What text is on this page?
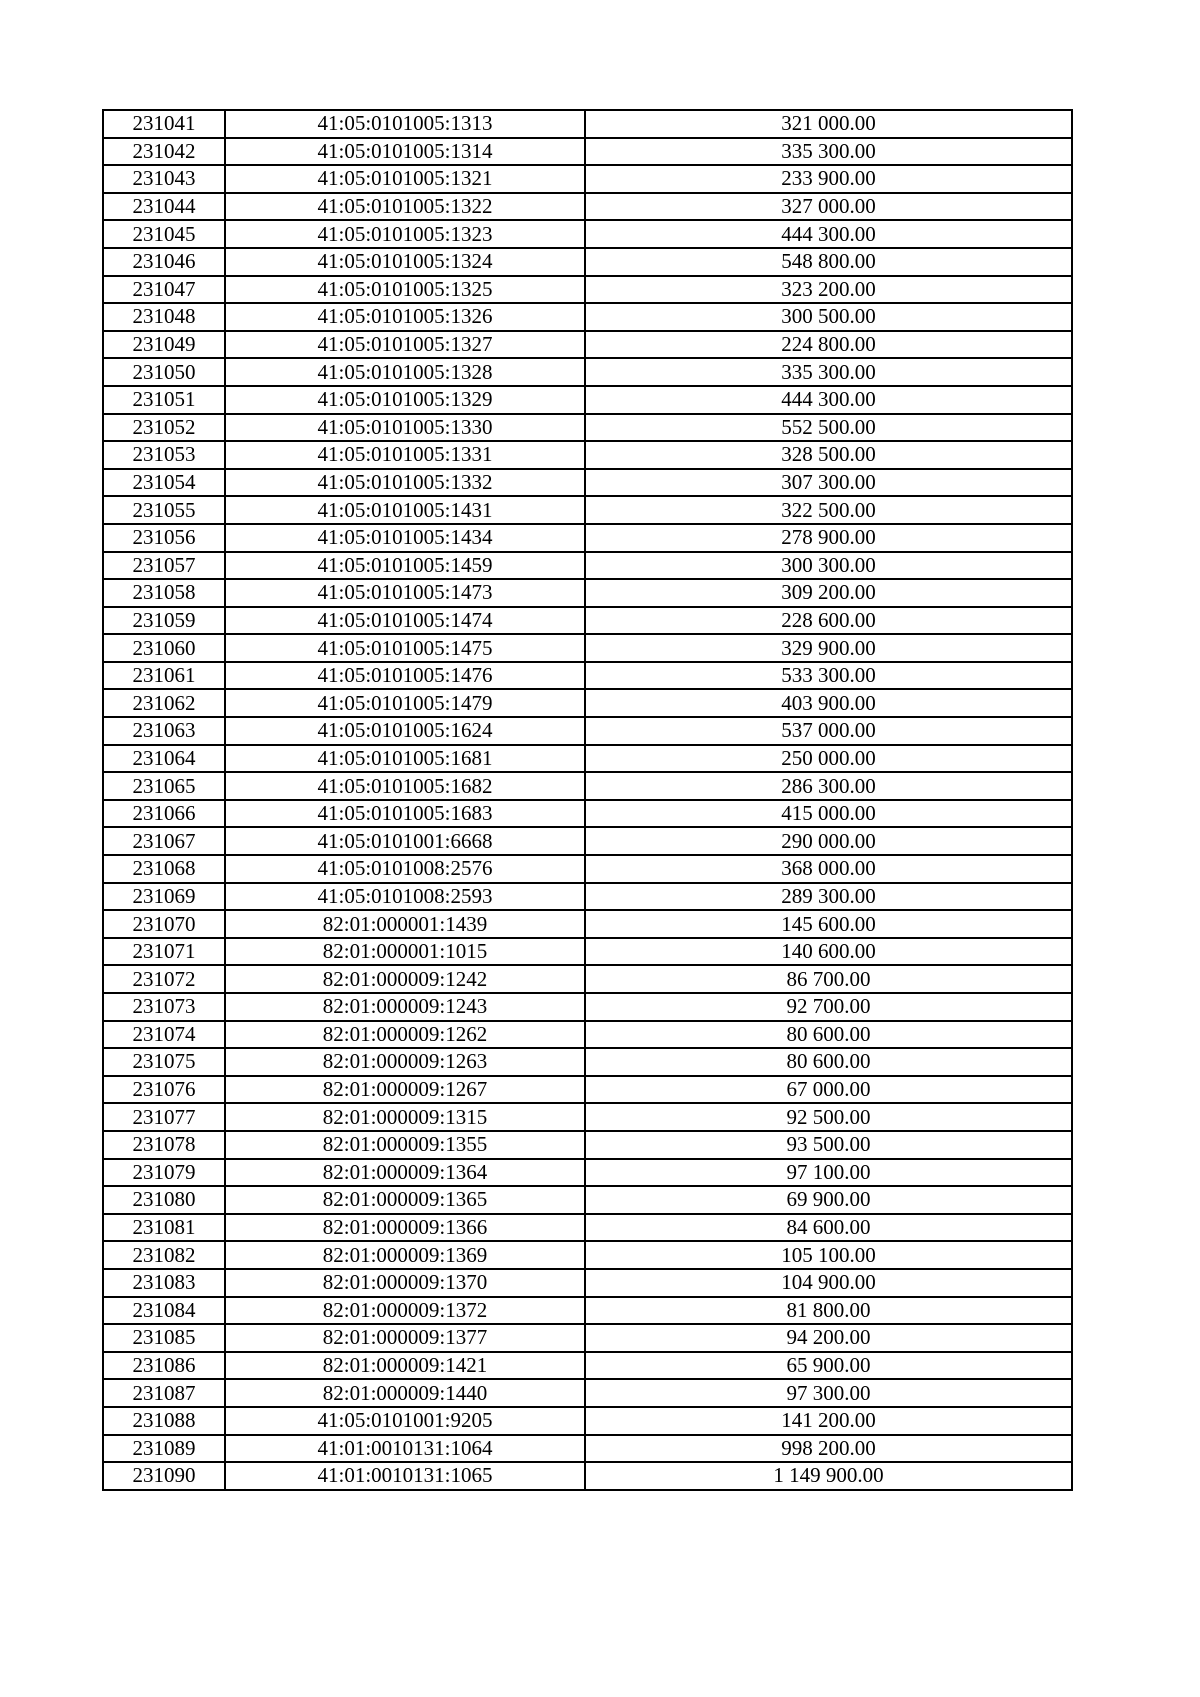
231041	41:05:0101005:1313	321 000.00
231042	41:05:0101005:1314	335 300.00
231043	41:05:0101005:1321	233 900.00
231044	41:05:0101005:1322	327 000.00
231045	41:05:0101005:1323	444 300.00
231046	41:05:0101005:1324	548 800.00
231047	41:05:0101005:1325	323 200.00
231048	41:05:0101005:1326	300 500.00
231049	41:05:0101005:1327	224 800.00
231050	41:05:0101005:1328	335 300.00
231051	41:05:0101005:1329	444 300.00
231052	41:05:0101005:1330	552 500.00
231053	41:05:0101005:1331	328 500.00
231054	41:05:0101005:1332	307 300.00
231055	41:05:0101005:1431	322 500.00
231056	41:05:0101005:1434	278 900.00
231057	41:05:0101005:1459	300 300.00
231058	41:05:0101005:1473	309 200.00
231059	41:05:0101005:1474	228 600.00
231060	41:05:0101005:1475	329 900.00
231061	41:05:0101005:1476	533 300.00
231062	41:05:0101005:1479	403 900.00
231063	41:05:0101005:1624	537 000.00
231064	41:05:0101005:1681	250 000.00
231065	41:05:0101005:1682	286 300.00
231066	41:05:0101005:1683	415 000.00
231067	41:05:0101001:6668	290 000.00
231068	41:05:0101008:2576	368 000.00
231069	41:05:0101008:2593	289 300.00
231070	82:01:000001:1439	145 600.00
231071	82:01:000001:1015	140 600.00
231072	82:01:000009:1242	86 700.00
231073	82:01:000009:1243	92 700.00
231074	82:01:000009:1262	80 600.00
231075	82:01:000009:1263	80 600.00
231076	82:01:000009:1267	67 000.00
231077	82:01:000009:1315	92 500.00
231078	82:01:000009:1355	93 500.00
231079	82:01:000009:1364	97 100.00
231080	82:01:000009:1365	69 900.00
231081	82:01:000009:1366	84 600.00
231082	82:01:000009:1369	105 100.00
231083	82:01:000009:1370	104 900.00
231084	82:01:000009:1372	81 800.00
231085	82:01:000009:1377	94 200.00
231086	82:01:000009:1421	65 900.00
231087	82:01:000009:1440	97 300.00
231088	41:05:0101001:9205	141 200.00
231089	41:01:0010131:1064	998 200.00
231090	41:01:0010131:1065	1 149 900.00
